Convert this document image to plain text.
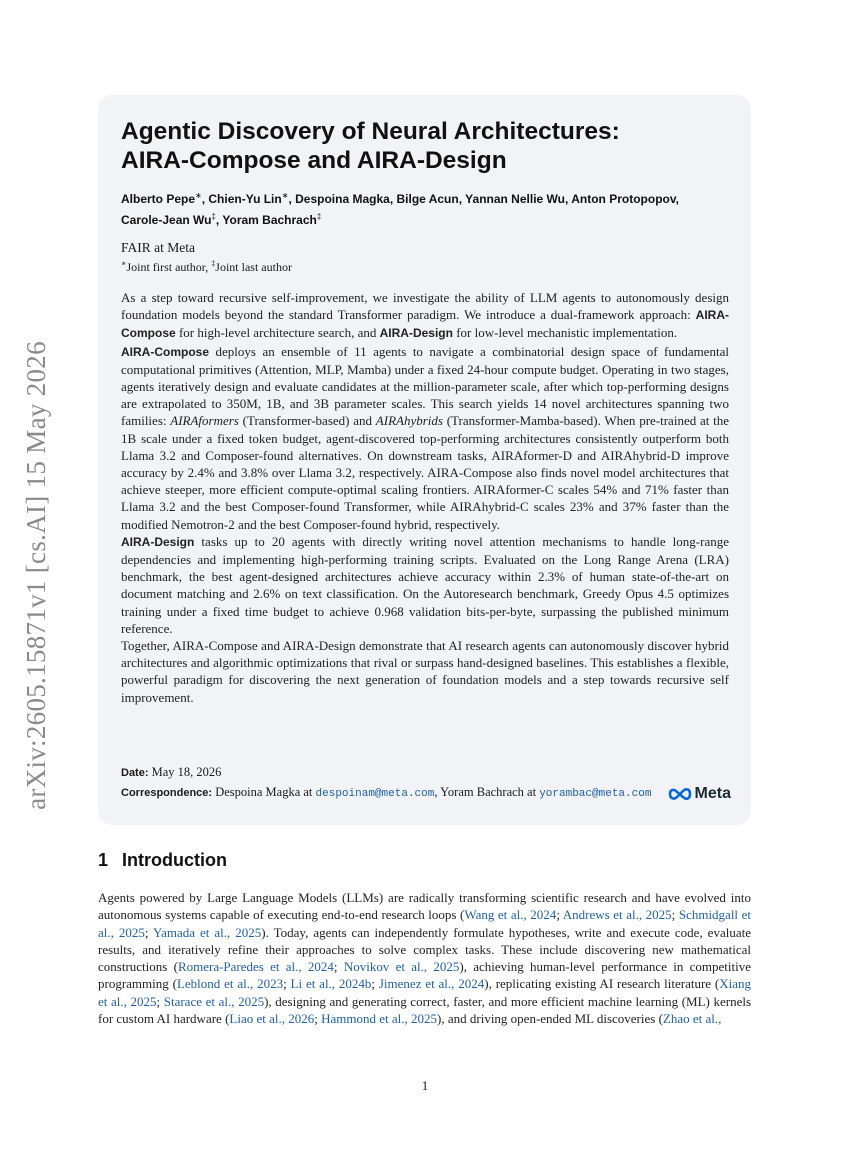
arXiv:2605.15871v1 [cs.AI] 15 May 2026
Agentic Discovery of Neural Architectures:
AIRA-Compose and AIRA-Design
Alberto Pepe∗, Chien-Yu Lin∗, Despoina Magka, Bilge Acun, Yannan Nellie Wu, Anton Protopopov,
Carole-Jean Wu‡, Yoram Bachrach‡
FAIR at Meta
∗Joint first author, ‡Joint last author

As a step toward recursive self-improvement, we investigate the ability of LLM agents to autonomously design foundation models beyond the standard Transformer paradigm. We introduce a dual-framework approach: AIRA-Compose for high-level architecture search, and AIRA-Design for low-level mechanistic implementation.

AIRA-Compose deploys an ensemble of 11 agents to navigate a combinatorial design space of fundamental computational primitives (Attention, MLP, Mamba) under a fixed 24-hour compute budget. Operating in two stages, agents iteratively design and evaluate candidates at the million-parameter scale, after which top-performing designs are extrapolated to 350M, 1B, and 3B parameter scales. This search yields 14 novel architectures spanning two families: AIRAformers (Transformer-based) and AIRAhybrids (Transformer-Mamba-based). When pre-trained at the 1B scale under a fixed token budget, agent-discovered top-performing architectures consistently outperform both Llama 3.2 and Composer-found alternatives. On downstream tasks, AIRAformer-D and AIRAhybrid-D improve accuracy by 2.4% and 3.8% over Llama 3.2, respectively. AIRA-Compose also finds novel model architectures that achieve steeper, more efficient compute-optimal scaling frontiers. AIRAformer-C scales 54% and 71% faster than Llama 3.2 and the best Composer-found Transformer, while AIRAhybrid-C scales 23% and 37% faster than the modified Nemotron-2 and the best Composer-found hybrid, respectively.

AIRA-Design tasks up to 20 agents with directly writing novel attention mechanisms to handle long-range dependencies and implementing high-performing training scripts. Evaluated on the Long Range Arena (LRA) benchmark, the best agent-designed architectures achieve accuracy within 2.3% of human state-of-the-art on document matching and 2.6% on text classification. On the Autoresearch benchmark, Greedy Opus 4.5 optimizes training under a fixed time budget to achieve 0.968 validation bits-per-byte, surpassing the published minimum reference.

Together, AIRA-Compose and AIRA-Design demonstrate that AI research agents can autonomously discover hybrid architectures and algorithmic optimizations that rival or surpass hand-designed baselines. This establishes a flexible, powerful paradigm for discovering the next generation of foundation models and a step towards recursive self improvement.

Date: May 18, 2026
Correspondence: Despoina Magka at despoinam@meta.com, Yoram Bachrach at yorambac@meta.com	Meta
1 Introduction

Agents powered by Large Language Models (LLMs) are radically transforming scientific research and have evolved into autonomous systems capable of executing end-to-end research loops (Wang et al., 2024; Andrews et al., 2025; Schmidgall et al., 2025; Yamada et al., 2025). Today, agents can independently formulate hypotheses, write and execute code, evaluate results, and iteratively refine their approaches to solve complex tasks. These include discovering new mathematical constructions (Romera-Paredes et al., 2024; Novikov et al., 2025), achieving human-level performance in competitive programming (Leblond et al., 2023; Li et al., 2024b; Jimenez et al., 2024), replicating existing AI research literature (Xiang et al., 2025; Starace et al., 2025), designing and generating correct, faster, and more efficient machine learning (ML) kernels for custom AI hardware (Liao et al., 2026; Hammond et al., 2025), and driving open-ended ML discoveries (Zhao et al.,

1
